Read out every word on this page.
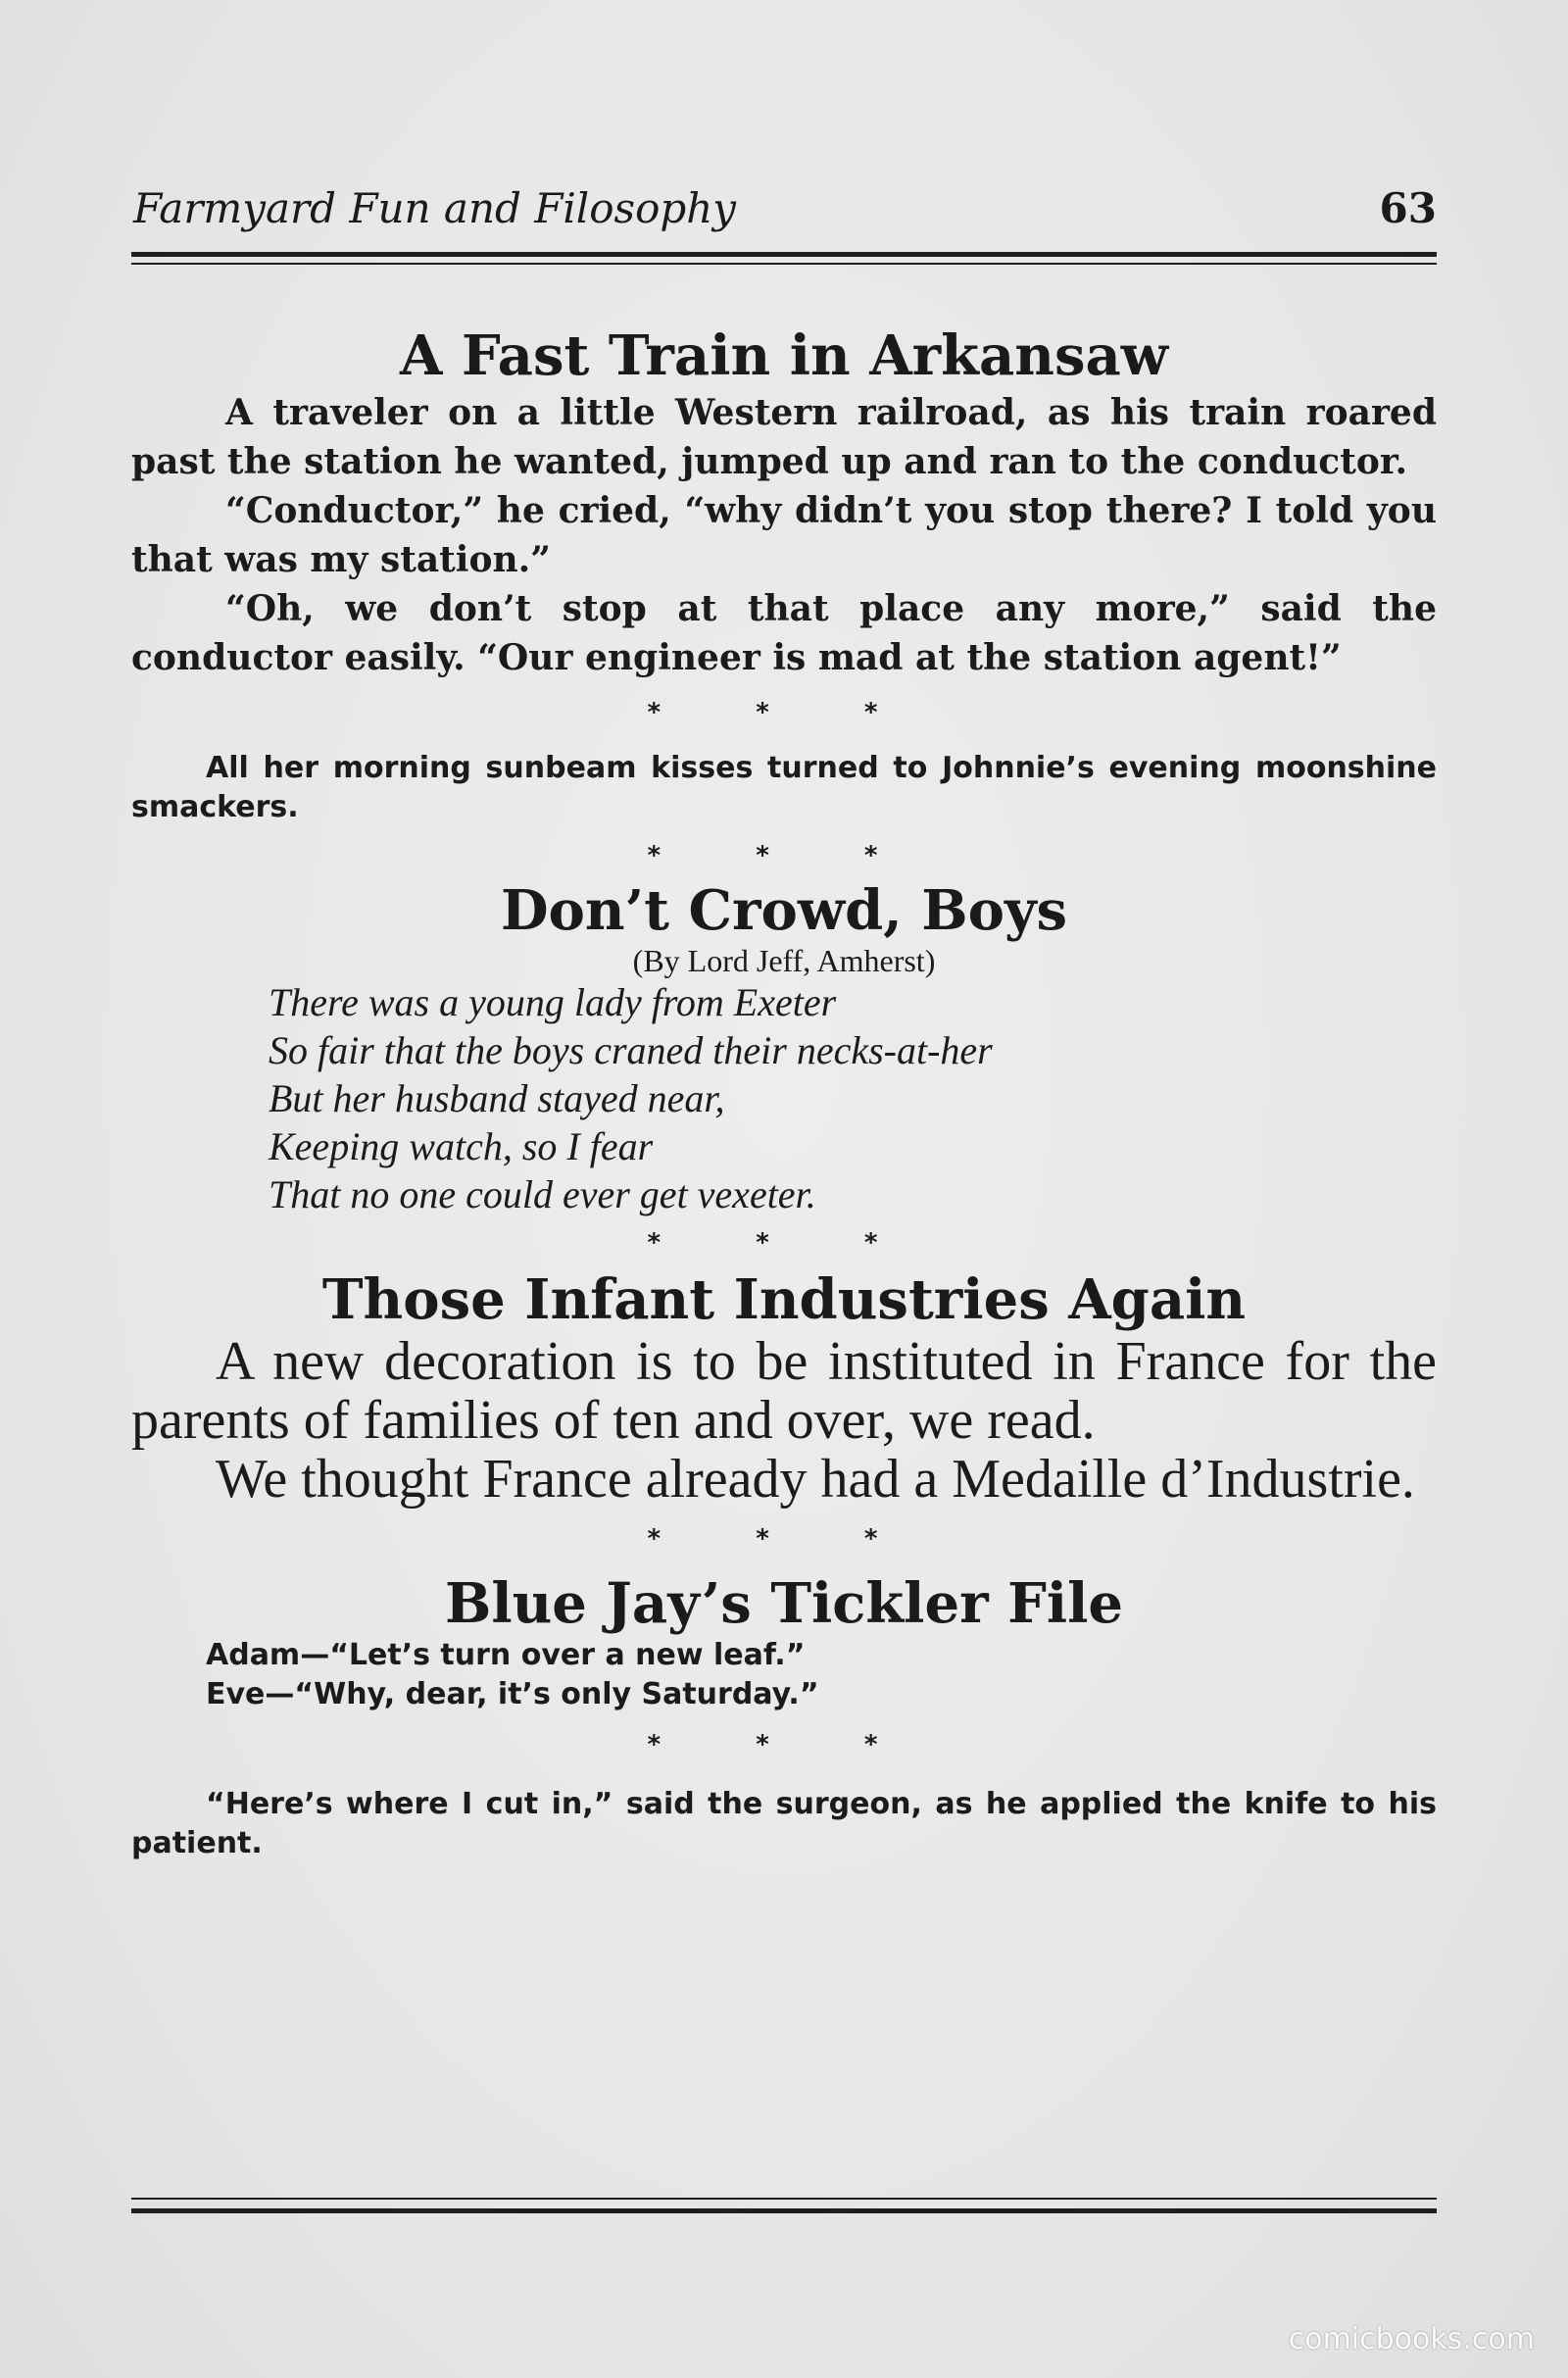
Farmyard Fun and Filosophy	63
A Fast Train in Arkansaw

A traveler on a little Western railroad, as his train roared past the station he wanted, jumped up and ran to the conductor.

“Conductor,” he cried, “why didn’t you stop there? I told you that was my station.”

“Oh, we don’t stop at that place any more,” said the conductor easily. “Our engineer is mad at the station agent!”

* * *

All her morning sunbeam kisses turned to Johnnie’s evening moonshine smackers.

* * *

Don’t Crowd, Boys

(By Lord Jeff, Amherst)

There was a young lady from Exeter
So fair that the boys craned their necks-at-her
But her husband stayed near,
Keeping watch, so I fear
That no one could ever get vexeter.

* * *

Those Infant Industries Again

A new decoration is to be instituted in France for the parents of families of ten and over, we read.

We thought France already had a Medaille d’Industrie.

* * *

Blue Jay’s Tickler File
Adam—“Let’s turn over a new leaf.”
Eve—“Why, dear, it’s only Saturday.”

* * *

“Here’s where I cut in,” said the surgeon, as he applied the knife to his patient.

comicbooks.com
